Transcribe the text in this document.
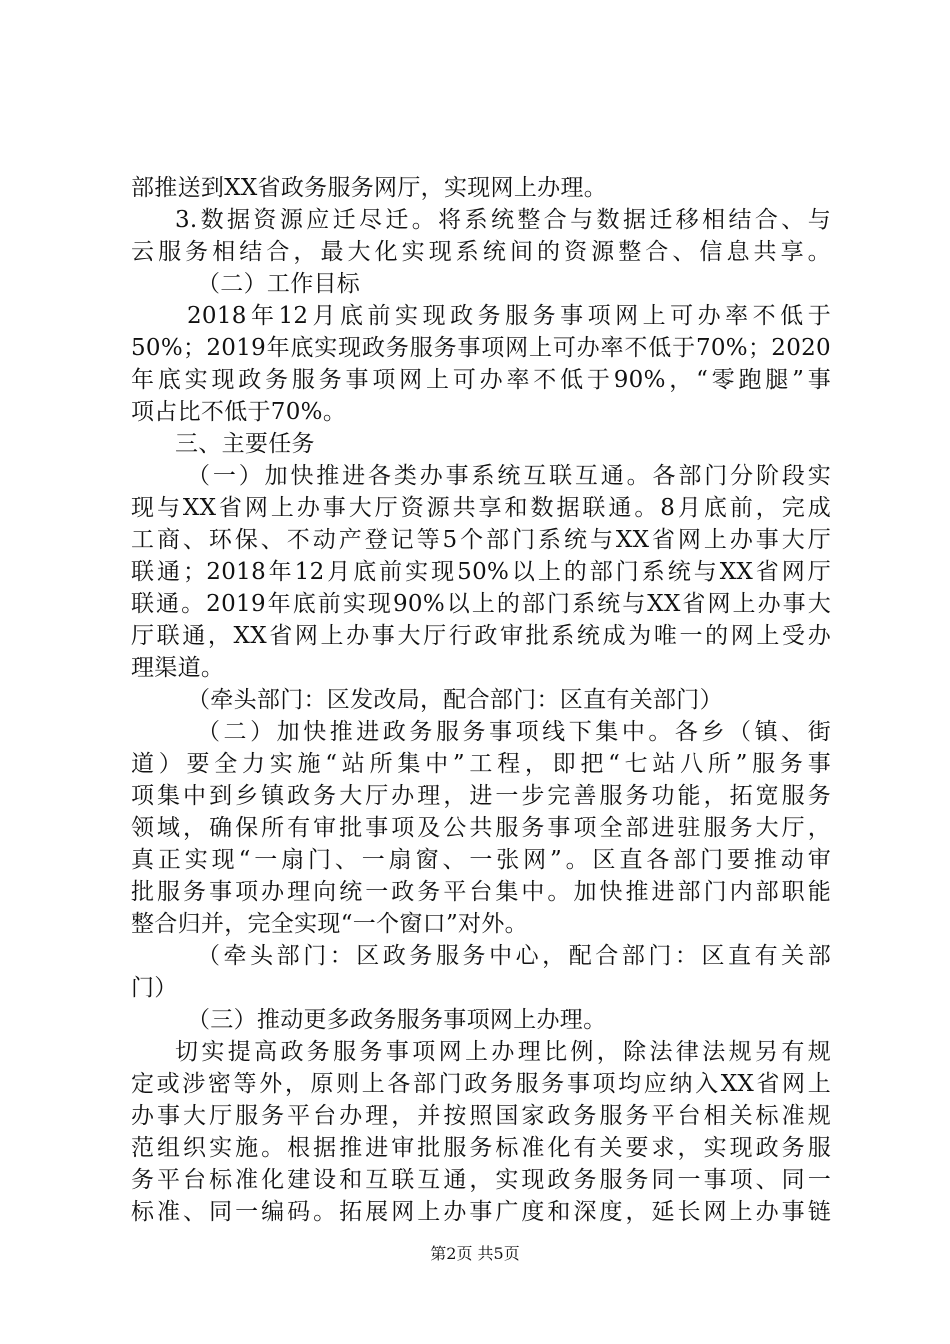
部推送到XX省政务服务网厅，实现网上办理。
3.数据资源应迁尽迁。将系统整合与数据迁移相结合、与
云服务相结合，最大化实现系统间的资源整合、信息共享。
（二）工作目标
2018年12月底前实现政务服务事项网上可办率不低于
50%；2019年底实现政务服务事项网上可办率不低于70%；2020
年底实现政务服务事项网上可办率不低于90%，“零跑腿”事
项占比不低于70%。
三、主要任务
（一）加快推进各类办事系统互联互通。各部门分阶段实
现与XX省网上办事大厅资源共享和数据联通。8月底前，完成
工商、环保、不动产登记等5个部门系统与XX省网上办事大厅
联通；2018年12月底前实现50%以上的部门系统与XX省网厅
联通。2019年底前实现90%以上的部门系统与XX省网上办事大
厅联通，XX省网上办事大厅行政审批系统成为唯一的网上受办
理渠道。
（牵头部门：区发改局，配合部门：区直有关部门）
（二）加快推进政务服务事项线下集中。各乡（镇、街
道）要全力实施“站所集中”工程，即把“七站八所”服务事
项集中到乡镇政务大厅办理，进一步完善服务功能，拓宽服务
领域，确保所有审批事项及公共服务事项全部进驻服务大厅，
真正实现“一扇门、一扇窗、一张网”。区直各部门要推动审
批服务事项办理向统一政务平台集中。加快推进部门内部职能
整合归并，完全实现“一个窗口”对外。
（牵头部门：区政务服务中心，配合部门：区直有关部
门）
（三）推动更多政务服务事项网上办理。
切实提高政务服务事项网上办理比例，除法律法规另有规
定或涉密等外，原则上各部门政务服务事项均应纳入XX省网上
办事大厅服务平台办理，并按照国家政务服务平台相关标准规
范组织实施。根据推进审批服务标准化有关要求，实现政务服
务平台标准化建设和互联互通，实现政务服务同一事项、同一
标准、同一编码。拓展网上办事广度和深度，延长网上办事链
第2页 共5页
